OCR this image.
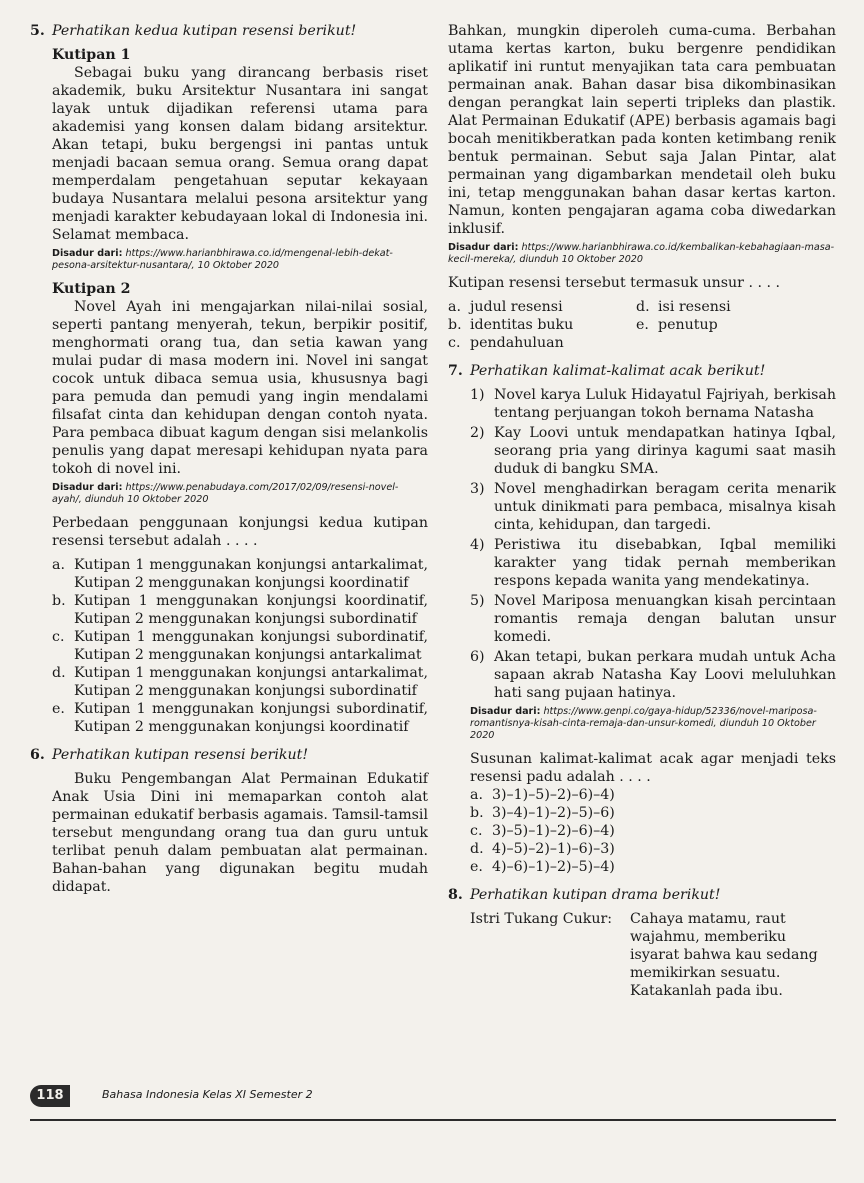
5. Perhatikan kedua kutipan resensi berikut!

Kutipan 1

Sebagai buku yang dirancang berbasis riset akademik, buku Arsitektur Nusantara ini sangat layak untuk dijadikan referensi utama para akademisi yang konsen dalam bidang arsitektur. Akan tetapi, buku bergengsi ini pantas untuk menjadi bacaan semua orang. Semua orang dapat memperdalam pengetahuan seputar kekayaan budaya Nusantara melalui pesona arsitektur yang menjadi karakter kebudayaan lokal di Indonesia ini. Selamat membaca.

Disadur dari: https://www.harianbhirawa.co.id/mengenal-lebih-dekat-pesona-arsitektur-nusantara/, 10 Oktober 2020

Kutipan 2

Novel Ayah ini mengajarkan nilai-nilai sosial, seperti pantang menyerah, tekun, berpikir positif, menghormati orang tua, dan setia kawan yang mulai pudar di masa modern ini. Novel ini sangat cocok untuk dibaca semua usia, khususnya bagi para pemuda dan pemudi yang ingin mendalami filsafat cinta dan kehidupan dengan contoh nyata. Para pembaca dibuat kagum dengan sisi melankolis penulis yang dapat meresapi kehidupan nyata para tokoh di novel ini.

Disadur dari: https://www.penabudaya.com/2017/02/09/resensi-novel-ayah/, diunduh 10 Oktober 2020

Perbedaan penggunaan konjungsi kedua kutipan resensi tersebut adalah . . . .

a. Kutipan 1 menggunakan konjungsi antarkalimat, Kutipan 2 menggunakan konjungsi koordinatif
b. Kutipan 1 menggunakan konjungsi koordinatif, Kutipan 2 menggunakan konjungsi subordinatif
c. Kutipan 1 menggunakan konjungsi subordinatif, Kutipan 2 menggunakan konjungsi antarkalimat
d. Kutipan 1 menggunakan konjungsi antarkalimat, Kutipan 2 menggunakan konjungsi subordinatif
e. Kutipan 1 menggunakan konjungsi subordinatif, Kutipan 2 menggunakan konjungsi koordinatif
6. Perhatikan kutipan resensi berikut!

Buku Pengembangan Alat Permainan Edukatif Anak Usia Dini ini memaparkan contoh alat permainan edukatif berbasis agamais. Tamsil-tamsil tersebut mengundang orang tua dan guru untuk terlibat penuh dalam pembuatan alat permainan. Bahan-bahan yang digunakan begitu mudah didapat.

Bahkan, mungkin diperoleh cuma-cuma. Berbahan utama kertas karton, buku bergenre pendidikan aplikatif ini runtut menyajikan tata cara pembuatan permainan anak. Bahan dasar bisa dikombinasikan dengan perangkat lain seperti tripleks dan plastik. Alat Permainan Edukatif (APE) berbasis agamais bagi bocah menitikberatkan pada konten ketimbang renik bentuk permainan. Sebut saja Jalan Pintar, alat permainan yang digambarkan mendetail oleh buku ini, tetap menggunakan bahan dasar kertas karton. Namun, konten pengajaran agama coba diwedarkan inklusif.

Disadur dari: https://www.harianbhirawa.co.id/kembalikan-kebahagiaan-masa-kecil-mereka/, diunduh 10 Oktober 2020

Kutipan resensi tersebut termasuk unsur . . . .

a. judul resensi	d. isi resensi
b. identitas buku	e. penutup
c. pendahuluan
7. Perhatikan kalimat-kalimat acak berikut!
1) Novel karya Luluk Hidayatul Fajriyah, berkisah tentang perjuangan tokoh bernama Natasha
2) Kay Loovi untuk mendapatkan hatinya Iqbal, seorang pria yang dirinya kagumi saat masih duduk di bangku SMA.
3) Novel menghadirkan beragam cerita menarik untuk dinikmati para pembaca, misalnya kisah cinta, kehidupan, dan targedi.
4) Peristiwa itu disebabkan, Iqbal memiliki karakter yang tidak pernah memberikan respons kepada wanita yang mendekatinya.
5) Novel Mariposa menuangkan kisah percintaan romantis remaja dengan balutan unsur komedi.
6) Akan tetapi, bukan perkara mudah untuk Acha sapaan akrab Natasha Kay Loovi meluluhkan hati sang pujaan hatinya.

Disadur dari: https://www.genpi.co/gaya-hidup/52336/novel-mariposa-romantisnya-kisah-cinta-remaja-dan-unsur-komedi, diunduh 10 Oktober 2020

Susunan kalimat-kalimat acak agar menjadi teks resensi padu adalah . . . .

a. 3)–1)–5)–2)–6)–4)
b. 3)–4)–1)–2)–5)–6)
c. 3)–5)–1)–2)–6)–4)
d. 4)–5)–2)–1)–6)–3)
e. 4)–6)–1)–2)–5)–4)
8. Perhatikan kutipan drama berikut!
Istri Tukang Cukur:	Cahaya matamu, raut wajahmu, memberiku isyarat bahwa kau sedang memikirkan sesuatu. Katakanlah pada ibu.
118	Bahasa Indonesia Kelas XI Semester 2
